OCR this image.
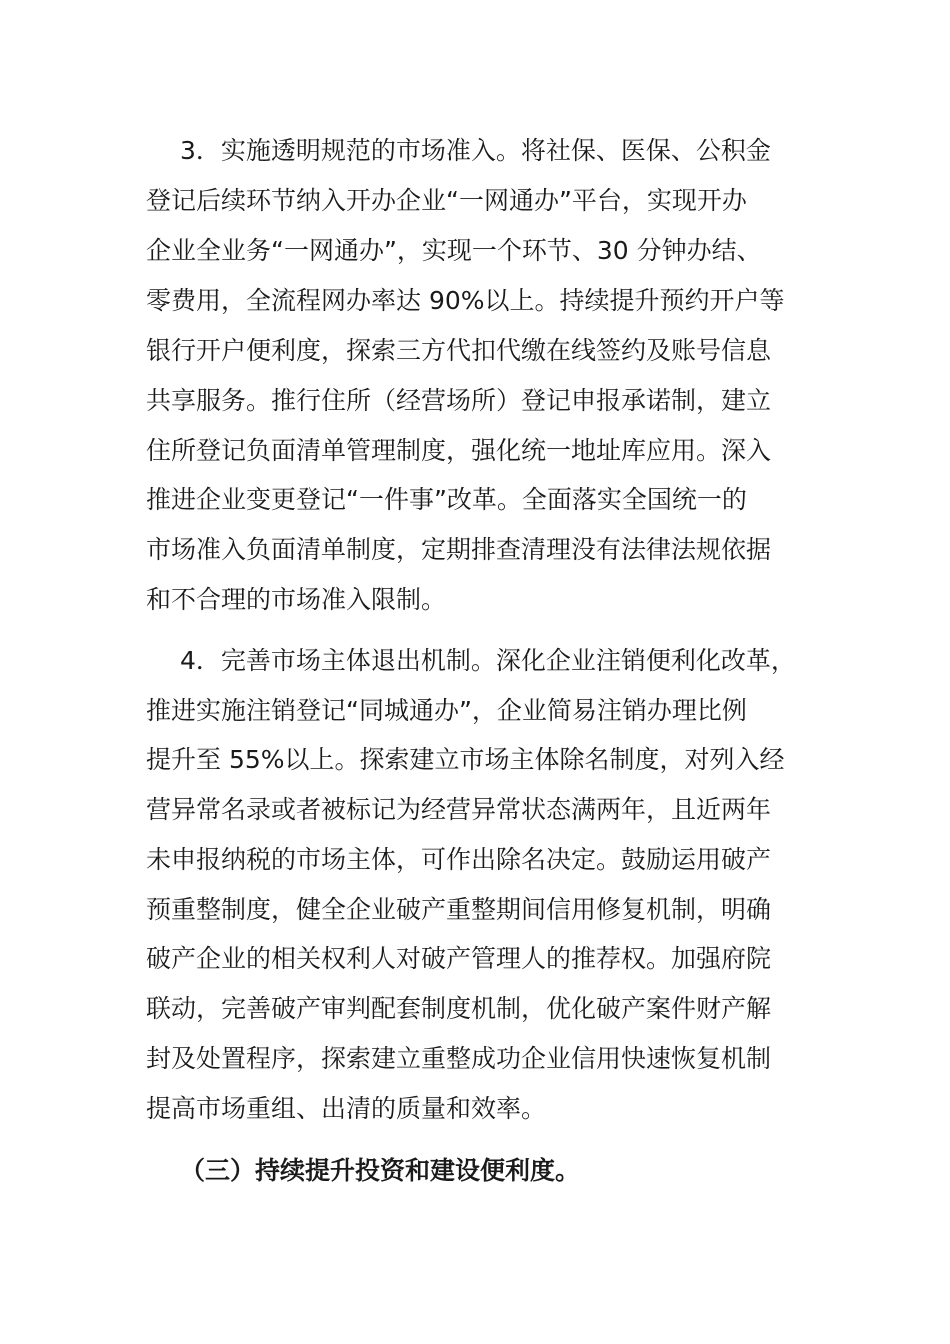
3．实施透明规范的市场准入。将社保、医保、公积金
登记后续环节纳入开办企业“一网通办”平台，实现开办
企业全业务“一网通办”，实现一个环节、30 分钟办结、
零费用，全流程网办率达 90%以上。持续提升预约开户等
银行开户便利度，探索三方代扣代缴在线签约及账号信息
共享服务。推行住所（经营场所）登记申报承诺制，建立
住所登记负面清单管理制度，强化统一地址库应用。深入
推进企业变更登记“一件事”改革。全面落实全国统一的
市场准入负面清单制度，定期排查清理没有法律法规依据
和不合理的市场准入限制。
4．完善市场主体退出机制。深化企业注销便利化改革，
推进实施注销登记“同城通办”，企业简易注销办理比例
提升至 55%以上。探索建立市场主体除名制度，对列入经
营异常名录或者被标记为经营异常状态满两年，且近两年
未申报纳税的市场主体，可作出除名决定。鼓励运用破产
预重整制度，健全企业破产重整期间信用修复机制，明确
破产企业的相关权利人对破产管理人的推荐权。加强府院
联动，完善破产审判配套制度机制，优化破产案件财产解
封及处置程序，探索建立重整成功企业信用快速恢复机制
提高市场重组、出清的质量和效率。
（三）持续提升投资和建设便利度。
